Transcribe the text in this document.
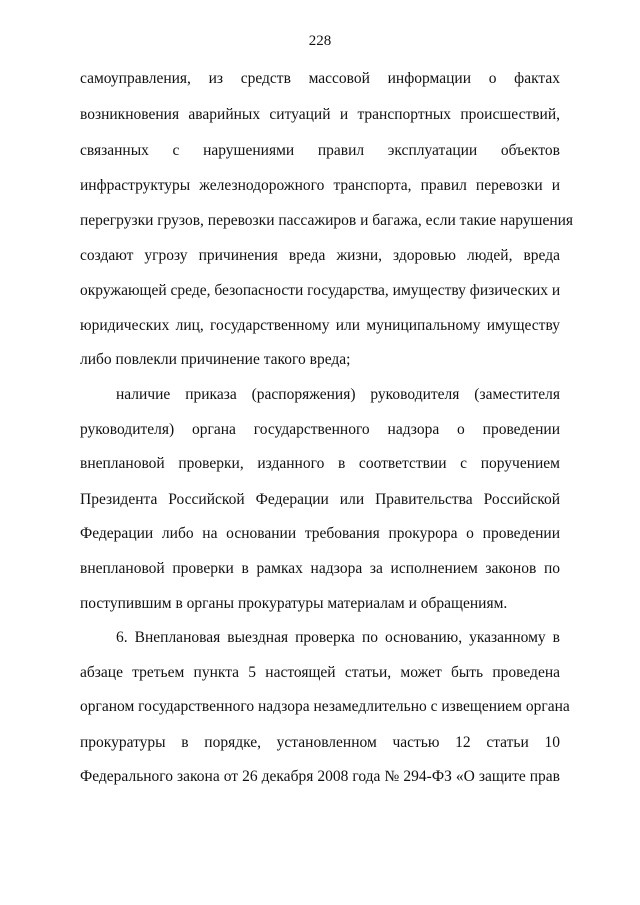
228
самоуправления, из средств массовой информации о фактах
возникновения аварийных ситуаций и транспортных происшествий,
связанных с нарушениями правил эксплуатации объектов
инфраструктуры железнодорожного транспорта, правил перевозки и
перегрузки грузов, перевозки пассажиров и багажа, если такие нарушения
создают угрозу причинения вреда жизни, здоровью людей, вреда
окружающей среде, безопасности государства, имуществу физических и
юридических лиц, государственному или муниципальному имуществу
либо повлекли причинение такого вреда;
наличие приказа (распоряжения) руководителя (заместителя
руководителя) органа государственного надзора о проведении
внеплановой проверки, изданного в соответствии с поручением
Президента Российской Федерации или Правительства Российской
Федерации либо на основании требования прокурора о проведении
внеплановой проверки в рамках надзора за исполнением законов по
поступившим в органы прокуратуры материалам и обращениям.
6. Внеплановая выездная проверка по основанию, указанному в
абзаце третьем пункта 5 настоящей статьи, может быть проведена
органом государственного надзора незамедлительно с извещением органа
прокуратуры в порядке, установленном частью 12 статьи 10
Федерального закона от 26 декабря 2008 года № 294-ФЗ «О защите прав
